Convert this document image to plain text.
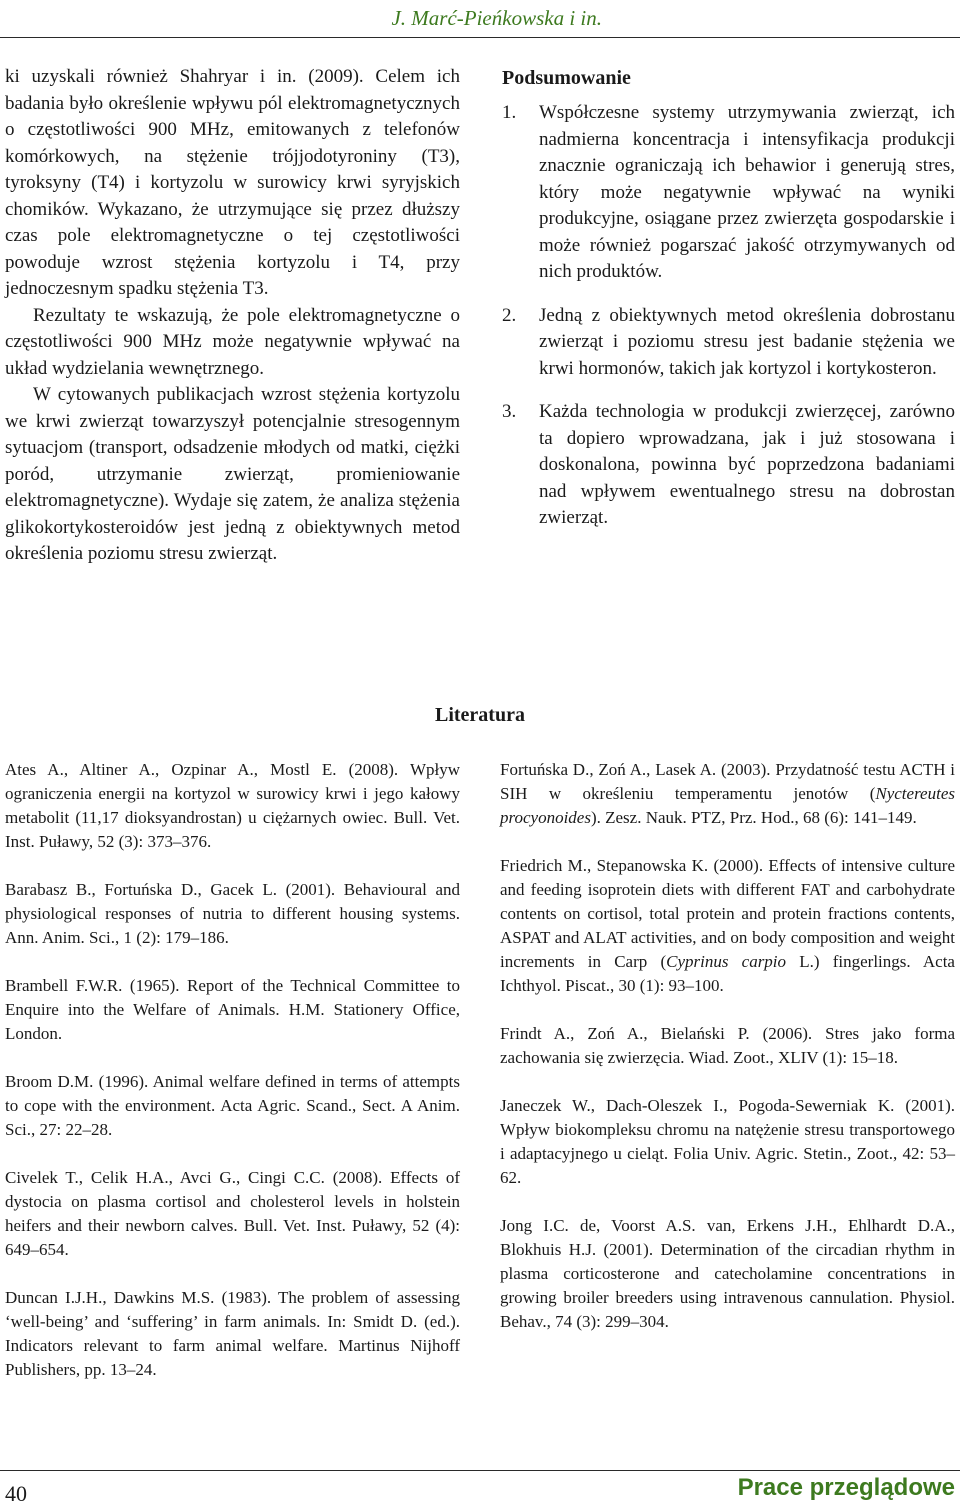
J. Marć-Pieńkowska i in.

ki uzyskali również Shahryar i in. (2009). Celem ich badania było określenie wpływu pól elektromagnetycznych o częstotliwości 900 MHz, emitowanych z telefonów komórkowych, na stężenie trójjodotyroniny (T3), tyroksyny (T4) i kortyzolu w surowicy krwi syryjskich chomików. Wykazano, że utrzymujące się przez dłuższy czas pole elektromagnetyczne o tej częstotliwości powoduje wzrost stężenia kortyzolu i T4, przy jednoczesnym spadku stężenia T3.

Rezultaty te wskazują, że pole elektromagnetyczne o częstotliwości 900 MHz może negatywnie wpływać na układ wydzielania wewnętrznego.

W cytowanych publikacjach wzrost stężenia kortyzolu we krwi zwierząt towarzyszył potencjalnie stresogennym sytuacjom (transport, odsadzenie młodych od matki, ciężki poród, utrzymanie zwierząt, promieniowanie elektromagnetyczne). Wydaje się zatem, że analiza stężenia glikokortykosteroidów jest jedną z obiektywnych metod określenia poziomu stresu zwierząt.

Podsumowanie
1.	Współczesne systemy utrzymywania zwierząt, ich nadmierna koncentracja i intensyfikacja produkcji znacznie ograniczają ich behawior i generują stres, który może negatywnie wpływać na wyniki produkcyjne, osiągane przez zwierzęta gospodarskie i może również pogarszać jakość otrzymywanych od nich produktów.
2.	Jedną z obiektywnych metod określenia dobrostanu zwierząt i poziomu stresu jest badanie stężenia we krwi hormonów, takich jak kortyzol i kortykosteron.
3.	Każda technologia w produkcji zwierzęcej, zarówno ta dopiero wprowadzana, jak i już stosowana i doskonalona, powinna być poprzedzona badaniami nad wpływem ewentualnego stresu na dobrostan zwierząt.
Literatura

Ates A., Altiner A., Ozpinar A., Mostl E. (2008). Wpływ ograniczenia energii na kortyzol w surowicy krwi i jego kałowy metabolit (11,17 dioksyandrostan) u ciężarnych owiec. Bull. Vet. Inst. Puławy, 52 (3): 373–376.

Barabasz B., Fortuńska D., Gacek L. (2001). Behavioural and physiological responses of nutria to different housing systems. Ann. Anim. Sci., 1 (2): 179–186.

Brambell F.W.R. (1965). Report of the Technical Committee to Enquire into the Welfare of Animals. H.M. Stationery Office, London.

Broom D.M. (1996). Animal welfare defined in terms of attempts to cope with the environment. Acta Agric. Scand., Sect. A Anim. Sci., 27: 22–28.

Civelek T., Celik H.A., Avci G., Cingi C.C. (2008). Effects of dystocia on plasma cortisol and cholesterol levels in holstein heifers and their newborn calves. Bull. Vet. Inst. Puławy, 52 (4): 649–654.

Duncan I.J.H., Dawkins M.S. (1983). The problem of assessing ‘well-being’ and ‘suffering’ in farm animals. In: Smidt D. (ed.). Indicators relevant to farm animal welfare. Martinus Nijhoff Publishers, pp. 13–24.

Fortuńska D., Zoń A., Lasek A. (2003). Przydatność testu ACTH i SIH w określeniu temperamentu jenotów (Nyctereutes procyonoides). Zesz. Nauk. PTZ, Prz. Hod., 68 (6): 141–149.

Friedrich M., Stepanowska K. (2000). Effects of intensive culture and feeding isoprotein diets with different FAT and carbohydrate contents on cortisol, total protein and protein fractions contents, ASPAT and ALAT activities, and on body composition and weight increments in Carp (Cyprinus carpio L.) fingerlings. Acta Ichthyol. Piscat., 30 (1): 93–100.

Frindt A., Zoń A., Bielański P. (2006). Stres jako forma zachowania się zwierzęcia. Wiad. Zoot., XLIV (1): 15–18.

Janeczek W., Dach-Oleszek I., Pogoda-Sewerniak K. (2001). Wpływ biokompleksu chromu na natężenie stresu transportowego i adaptacyjnego u cieląt. Folia Univ. Agric. Stetin., Zoot., 42: 53–62.

Jong I.C. de, Voorst A.S. van, Erkens J.H., Ehlhardt D.A., Blokhuis H.J. (2001). Determination of the circadian rhythm in plasma corticosterone and catecholamine concentrations in growing broiler breeders using intravenous cannulation. Physiol. Behav., 74 (3): 299–304.

40	Prace przeglądowe
